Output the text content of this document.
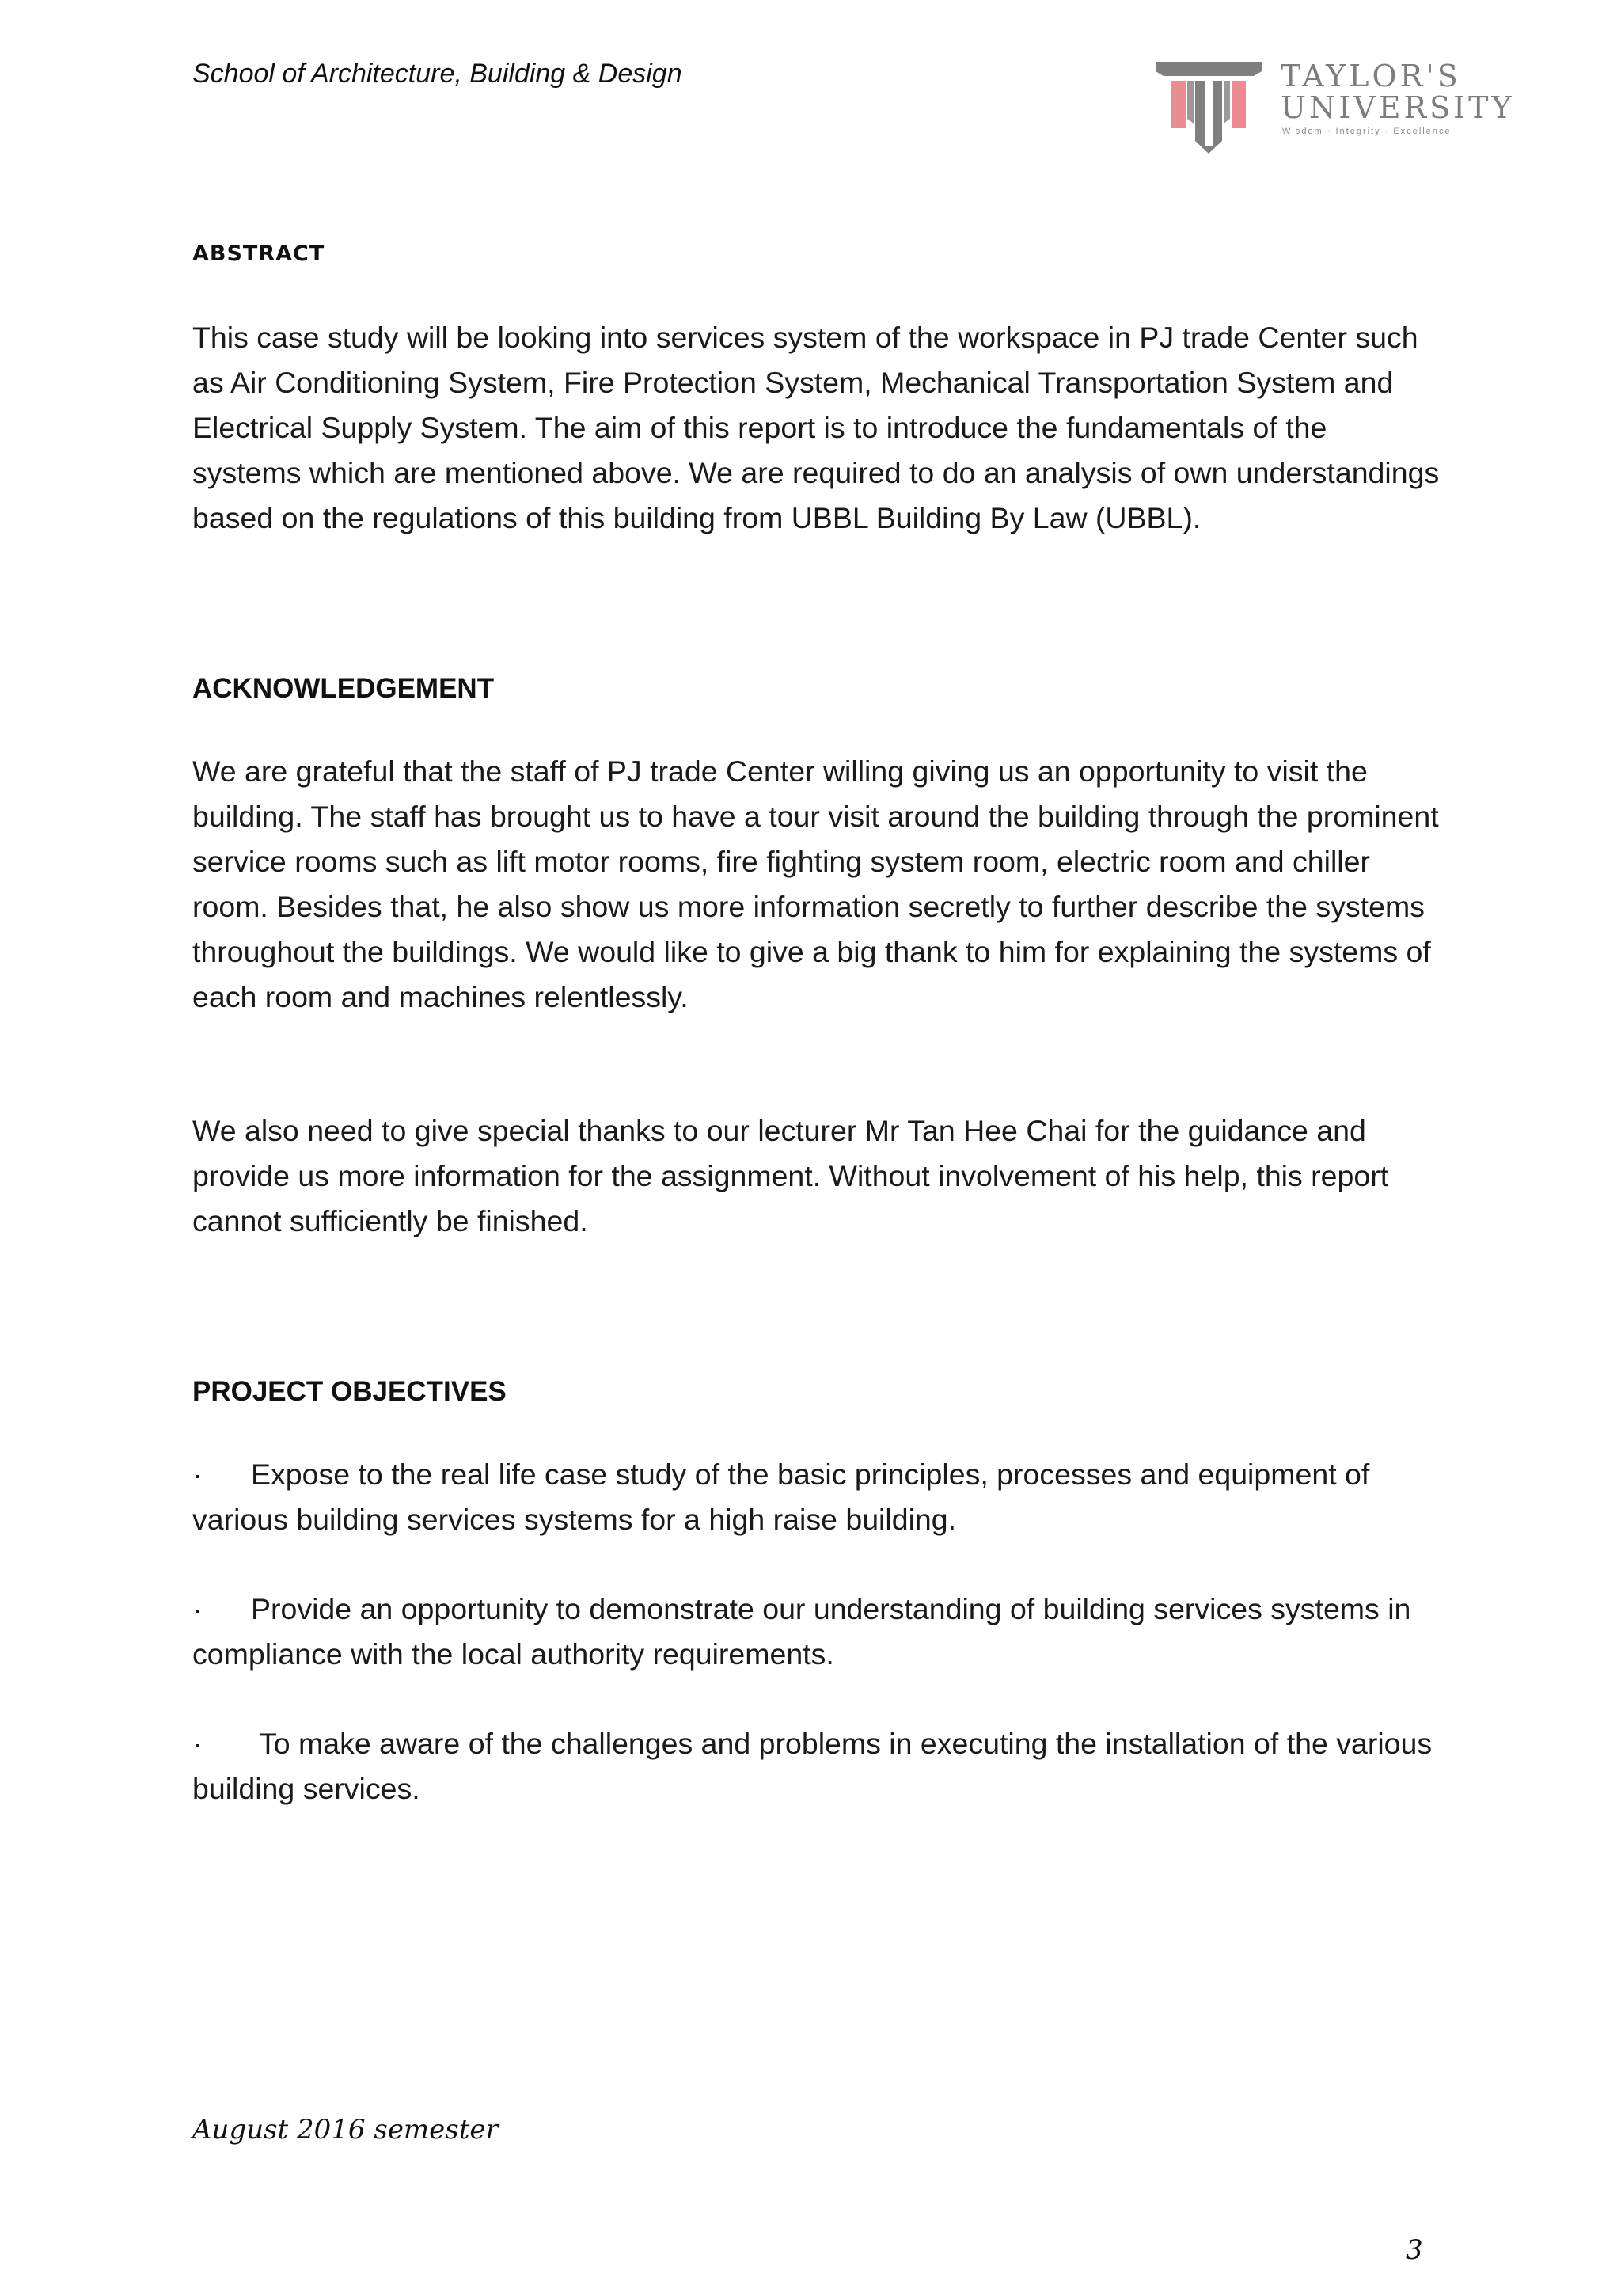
School of Architecture, Building & Design	TAYLOR'S
UNIVERSITY
Wisdom · Integrity · Excellence
abstract

This case study will be looking into services system of the workspace in PJ trade Center such as Air Conditioning System, Fire Protection System, Mechanical Transportation System and Electrical Supply System. The aim of this report is to introduce the fundamentals of the systems which are mentioned above. We are required to do an analysis of own understandings based on the regulations of this building from UBBL Building By Law (UBBL).

ACKNOWLEDGEMENT

We are grateful that the staff of PJ trade Center willing giving us an opportunity to visit the building. The staff has brought us to have a tour visit around the building through the prominent service rooms such as lift motor rooms, fire fighting system room, electric room and chiller room. Besides that, he also show us more information secretly to further describe the systems throughout the buildings. We would like to give a big thank to him for explaining the systems of each room and machines relentlessly.

We also need to give special thanks to our lecturer Mr Tan Hee Chai for the guidance and provide us more information for the assignment. Without involvement of his help, this report cannot sufficiently be finished.

PROJECT OBJECTIVES

· Expose to the real life case study of the basic principles, processes and equipment of various building services systems for a high raise building.

· Provide an opportunity to demonstrate our understanding of building services systems in compliance with the local authority requirements.

· To make aware of the challenges and problems in executing the installation of the various building services.

August 2016 semester
3
